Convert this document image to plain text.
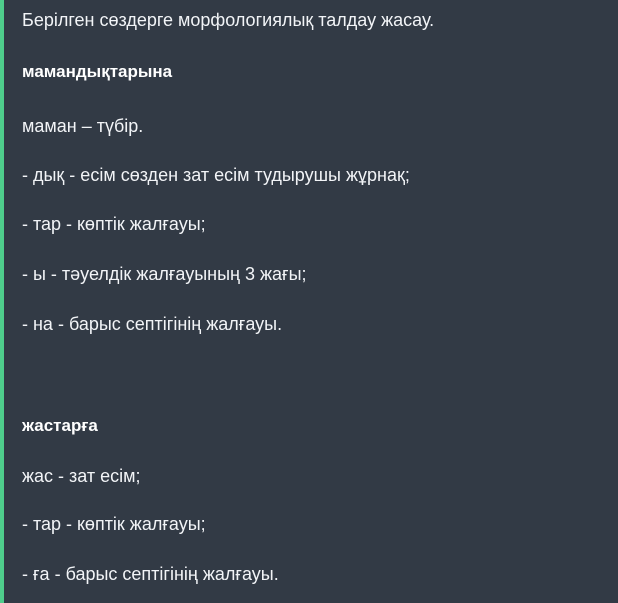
Берілген сөздерге морфологиялық талдау жасау.
мамандықтарына
маман – түбір.
- дық - есім сөзден зат есім тудырушы жұрнақ;
- тар - көптік жалғауы;
- ы - тәуелдік жалғауының 3 жағы;
- на - барыс септігінің жалғауы.
жастарға
жас - зат есім;
- тар - көптік жалғауы;
- ға - барыс септігінің жалғауы.
